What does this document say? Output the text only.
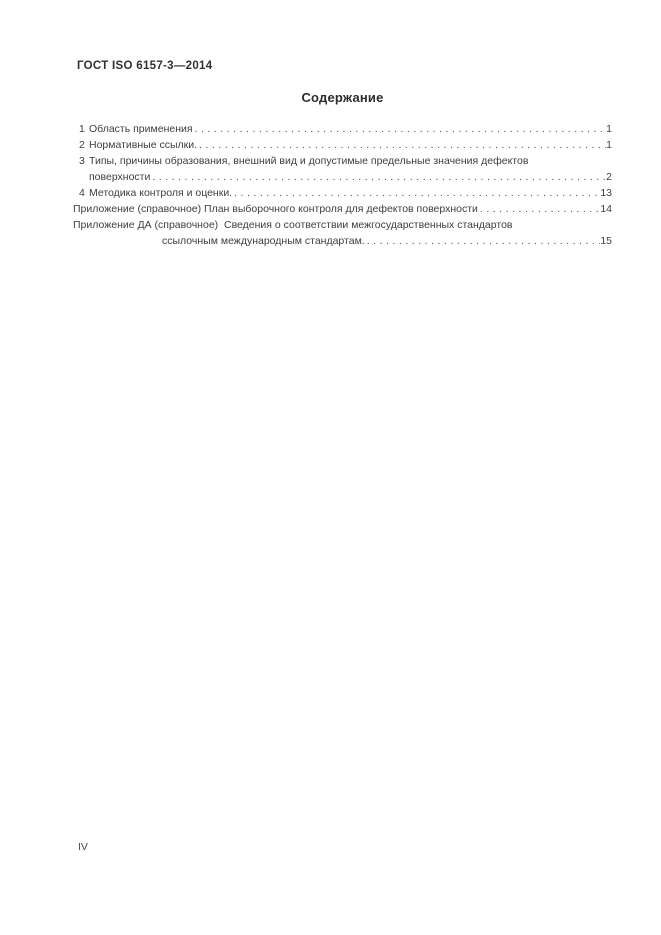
ГОСТ ISO 6157-3—2014
Содержание
1 Область применения . . .	1
2 Нормативные ссылки. . . .	1
3 Типы, причины образования, внешний вид и допустимые предельные значения дефектов
поверхности . . .	2
4 Методика контроля и оценки. . . .	13
Приложение (справочное) План выборочного контроля для дефектов поверхности . . .	14
Приложение ДА (справочное)  Сведения о соответствии межгосударственных стандартов
ссылочным международным стандартам. . . .	15
IV
